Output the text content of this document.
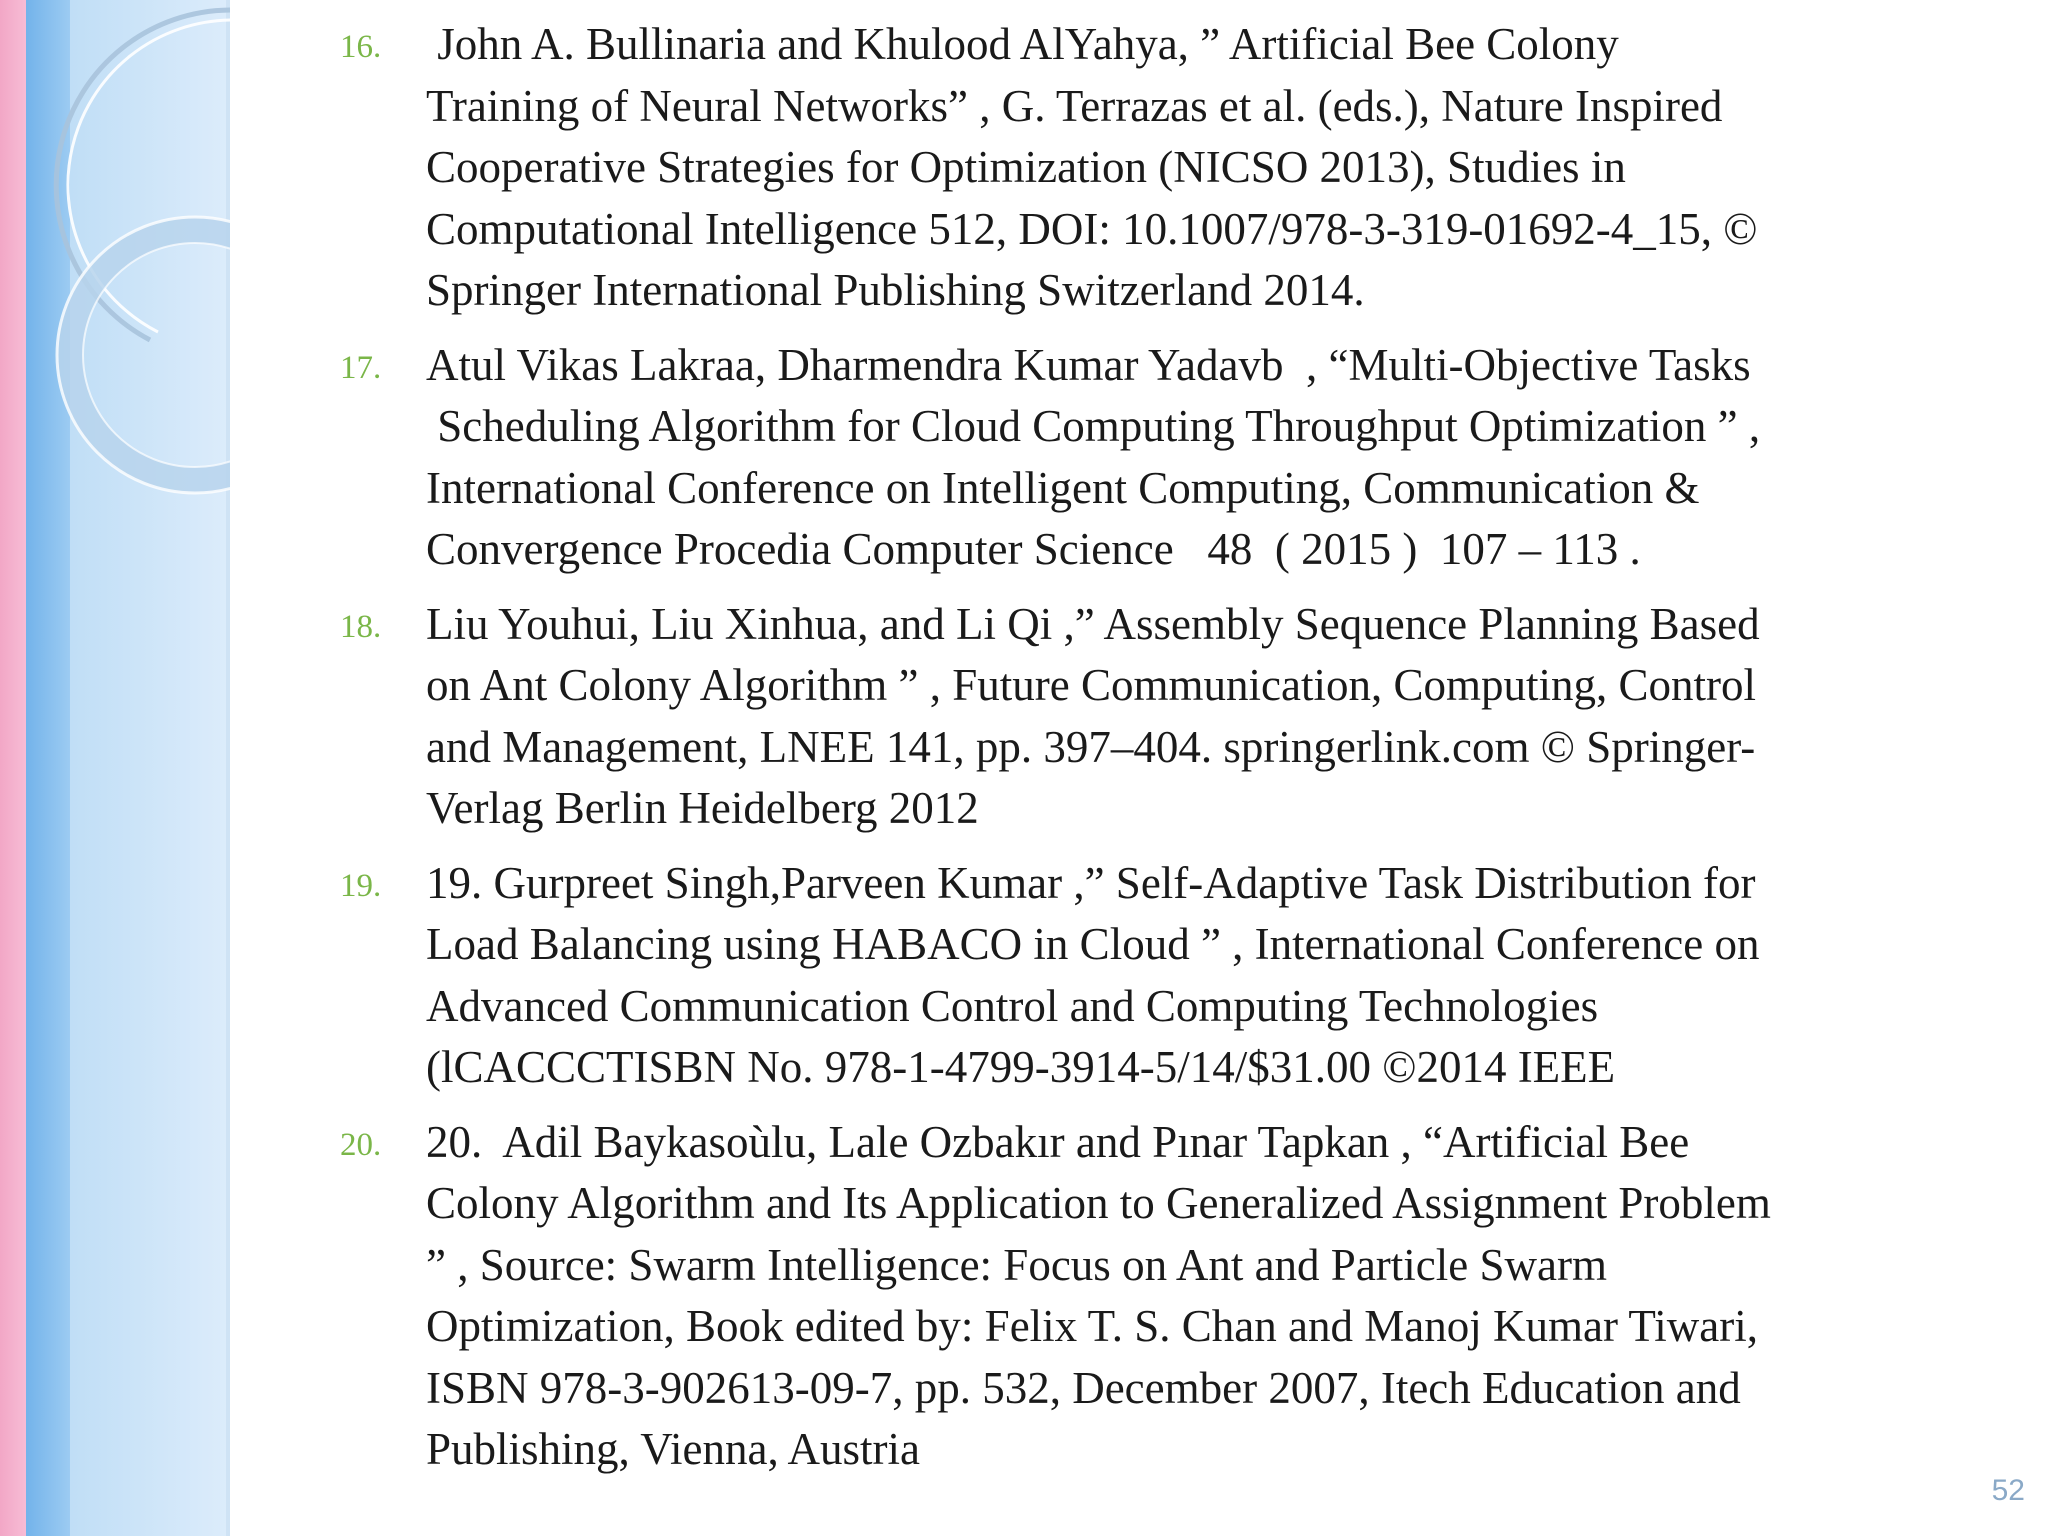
16.	John A. Bullinaria and Khulood AlYahya, ” Artificial Bee Colony
Training of Neural Networks” , G. Terrazas et al. (eds.), Nature Inspired
Cooperative Strategies for Optimization (NICSO 2013), Studies in
Computational Intelligence 512, DOI: 10.1007/978-3-319-01692-4_15, ©
Springer International Publishing Switzerland 2014.
17. Atul Vikas Lakraa, Dharmendra Kumar Yadavb  , “Multi-Objective Tasks
Scheduling Algorithm for Cloud Computing Throughput Optimization ” ,
International Conference on Intelligent Computing, Communication &
Convergence Procedia Computer Science   48  ( 2015 )  107 – 113 .
18. Liu Youhui, Liu Xinhua, and Li Qi ,” Assembly Sequence Planning Based
on Ant Colony Algorithm ” , Future Communication, Computing, Control
and Management, LNEE 141, pp. 397–404. springerlink.com © Springer-
Verlag Berlin Heidelberg 2012
19. 19. Gurpreet Singh,Parveen Kumar ,” Self-Adaptive Task Distribution for
Load Balancing using HABACO in Cloud ” , International Conference on
Advanced Communication Control and Computing Technologies
(lCACCCTISBN No. 978-1-4799-3914-5/14/$31.00 ©2014 IEEE
20. 20.  Adil Baykasoùlu, Lale Ozbakır and Pınar Tapkan , “Artificial Bee
Colony Algorithm and Its Application to Generalized Assignment Problem
” , Source: Swarm Intelligence: Focus on Ant and Particle Swarm
Optimization, Book edited by: Felix T. S. Chan and Manoj Kumar Tiwari,
ISBN 978-3-902613-09-7, pp. 532, December 2007, Itech Education and
Publishing, Vienna, Austria
52
